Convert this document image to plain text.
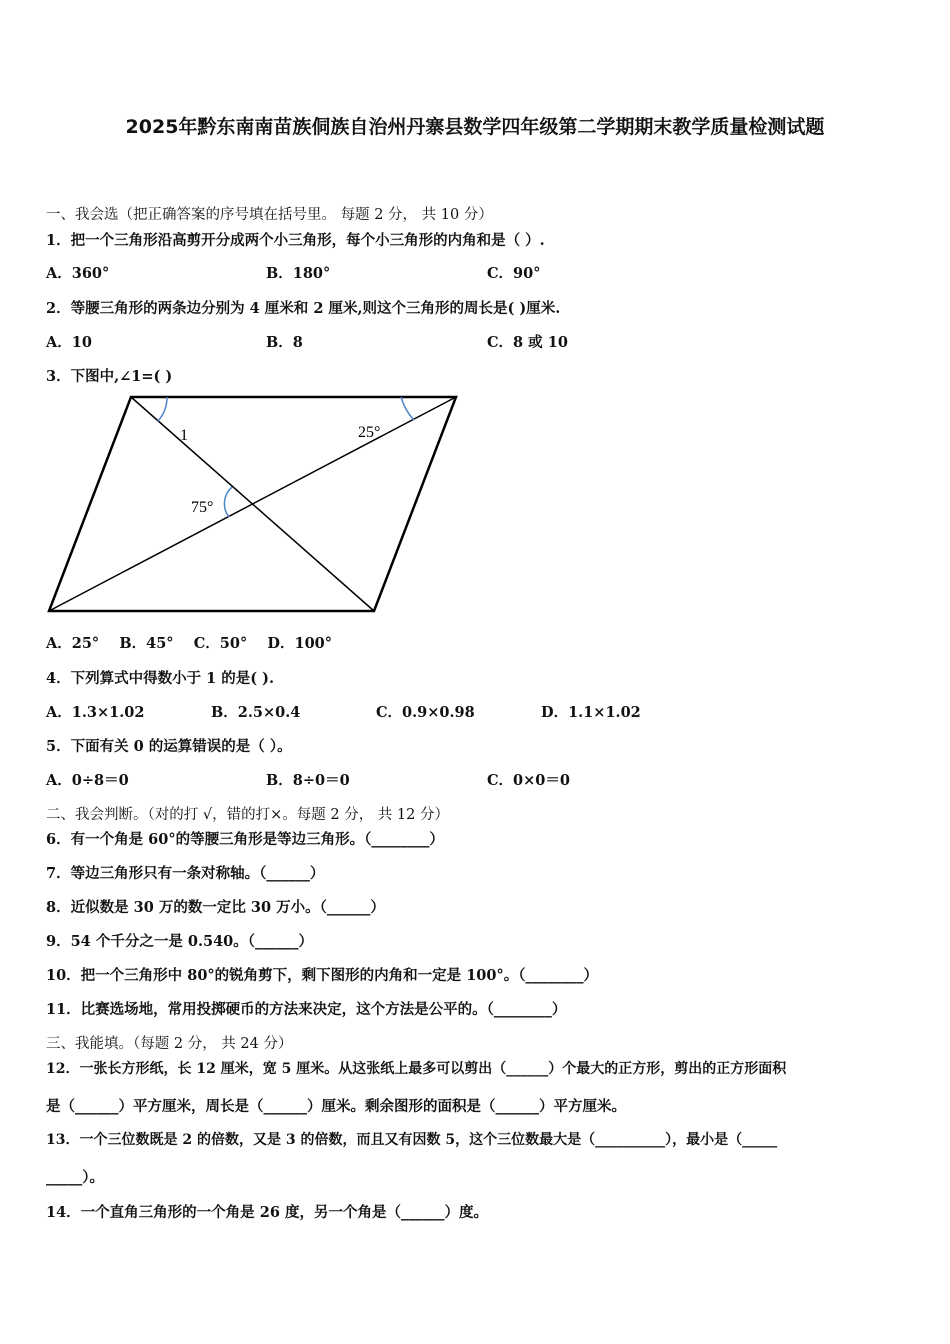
2025年黔东南南苗族侗族自治州丹寨县数学四年级第二学期期末教学质量检测试题
一、我会选（把正确答案的序号填在括号里。 每题 2 分， 共 10 分）
1．把一个三角形沿高剪开分成两个小三角形，每个小三角形的内角和是（ ）.
A．360°	B．180°	C．90°
2．等腰三角形的两条边分别为 4 厘米和 2 厘米,则这个三角形的周长是( )厘米.
A．10	B．8	C．8 或 10
3．下图中,∠1=( )
1	25°
75°
A．25°    B．45°    C．50°    D．100°
4．下列算式中得数小于 1 的是( ).
A．1.3×1.02	B．2.5×0.4	C．0.9×0.98	D．1.1×1.02
5．下面有关 0 的运算错误的是（ ）。
A．0÷8＝0	B．8÷0＝0	C．0×0＝0
二、我会判断。（对的打 √，错的打×。每题 2 分， 共 12 分）
6．有一个角是 60°的等腰三角形是等边三角形。（________）
7．等边三角形只有一条对称轴。（______）
8．近似数是 30 万的数一定比 30 万小。（______）
9．54 个千分之一是 0.540。（______）
10．把一个三角形中 80°的锐角剪下，剩下图形的内角和一定是 100°。（________）
11．比赛选场地，常用投掷硬币的方法来决定，这个方法是公平的。（________）
三、我能填。（每题 2 分， 共 24 分）
12．一张长方形纸，长 12 厘米，宽 5 厘米。从这张纸上最多可以剪出（______）个最大的正方形，剪出的正方形面积
是（______）平方厘米，周长是（______）厘米。剩余图形的面积是（______）平方厘米。
13．一个三位数既是 2 的倍数，又是 3 的倍数，而且又有因数 5，这个三位数最大是（__________），最小是（_____
_____）。
14．一个直角三角形的一个角是 26 度，另一个角是（______）度。
